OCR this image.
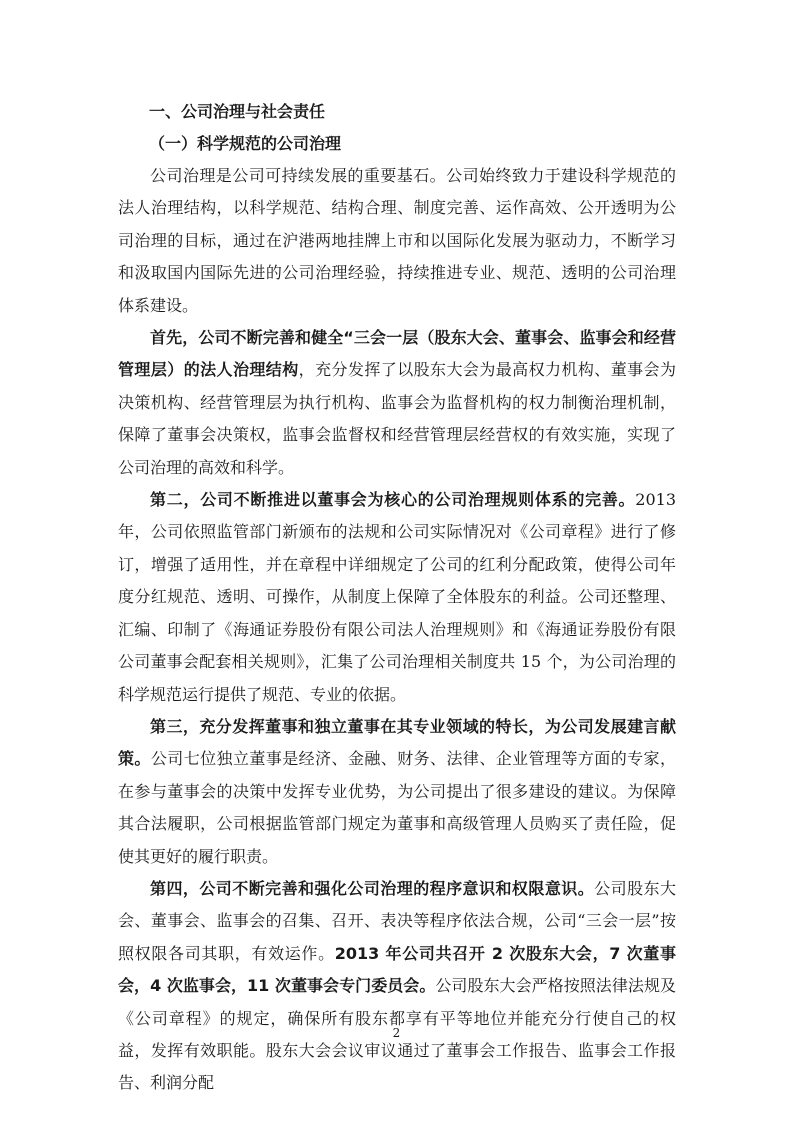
一、公司治理与社会责任
（一）科学规范的公司治理

公司治理是公司可持续发展的重要基石。公司始终致力于建设科学规范的法人治理结构，以科学规范、结构合理、制度完善、运作高效、公开透明为公司治理的目标，通过在沪港两地挂牌上市和以国际化发展为驱动力，不断学习和汲取国内国际先进的公司治理经验，持续推进专业、规范、透明的公司治理体系建设。

首先，公司不断完善和健全“三会一层（股东大会、董事会、监事会和经营管理层）的法人治理结构，充分发挥了以股东大会为最高权力机构、董事会为决策机构、经营管理层为执行机构、监事会为监督机构的权力制衡治理机制，保障了董事会决策权，监事会监督权和经营管理层经营权的有效实施，实现了公司治理的高效和科学。

第二，公司不断推进以董事会为核心的公司治理规则体系的完善。2013 年，公司依照监管部门新颁布的法规和公司实际情况对《公司章程》进行了修订，增强了适用性，并在章程中详细规定了公司的红利分配政策，使得公司年度分红规范、透明、可操作，从制度上保障了全体股东的利益。公司还整理、汇编、印制了《海通证券股份有限公司法人治理规则》和《海通证券股份有限公司董事会配套相关规则》，汇集了公司治理相关制度共 15 个，为公司治理的科学规范运行提供了规范、专业的依据。

第三，充分发挥董事和独立董事在其专业领域的特长，为公司发展建言献策。公司七位独立董事是经济、金融、财务、法律、企业管理等方面的专家，在参与董事会的决策中发挥专业优势，为公司提出了很多建设的建议。为保障其合法履职，公司根据监管部门规定为董事和高级管理人员购买了责任险，促使其更好的履行职责。

第四，公司不断完善和强化公司治理的程序意识和权限意识。公司股东大会、董事会、监事会的召集、召开、表决等程序依法合规，公司“三会一层”按照权限各司其职，有效运作。2013 年公司共召开 2 次股东大会，7 次董事会，4 次监事会，11 次董事会专门委员会。公司股东大会严格按照法律法规及《公司章程》的规定，确保所有股东都享有平等地位并能充分行使自己的权益，发挥有效职能。股东大会会议审议通过了董事会工作报告、监事会工作报告、利润分配

2
